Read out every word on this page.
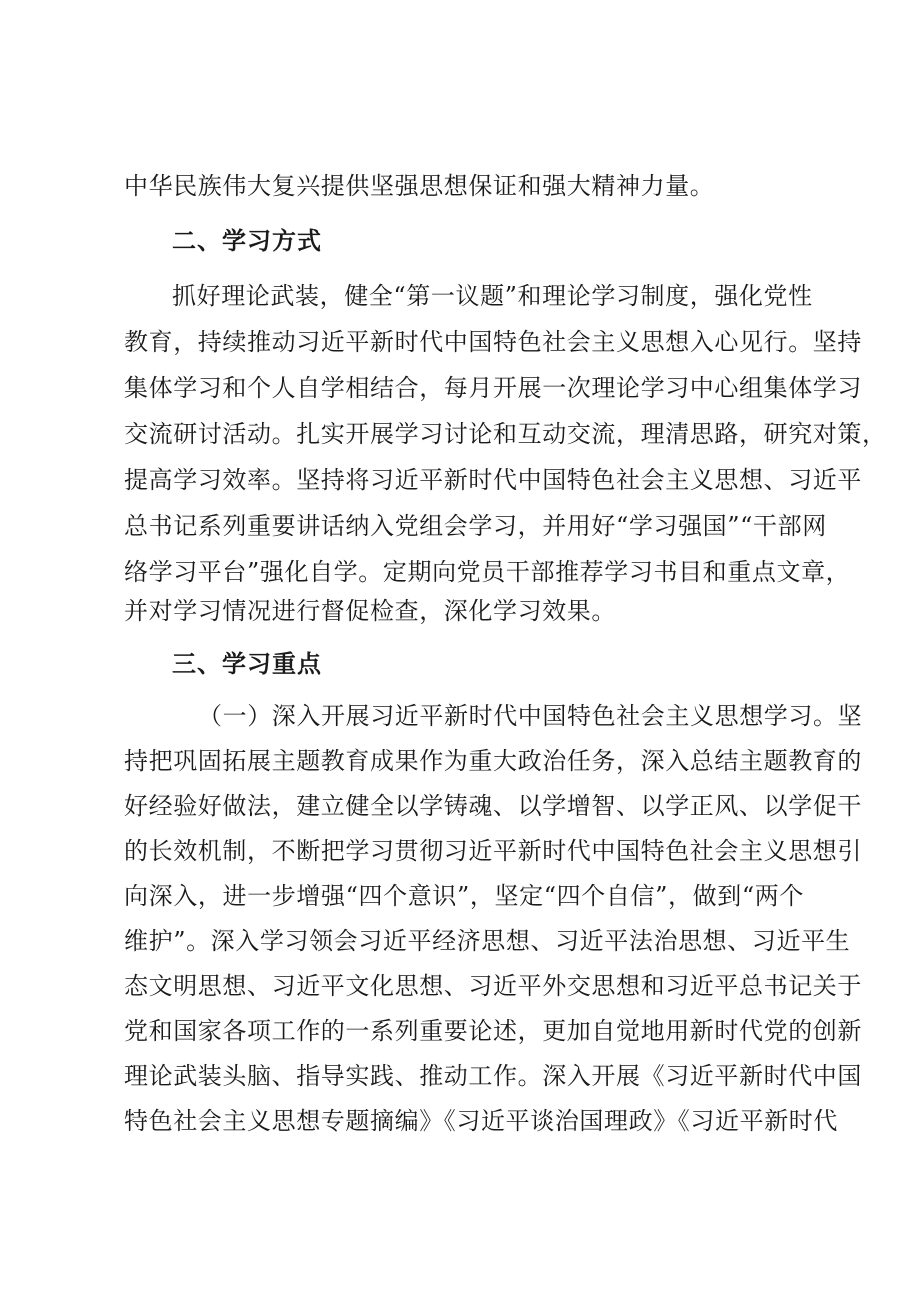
中华民族伟大复兴提供坚强思想保证和强大精神力量。
二、学习方式
抓好理论武装，健全“第一议题”和理论学习制度，强化党性
教育，持续推动习近平新时代中国特色社会主义思想入心见行。坚持
集体学习和个人自学相结合，每月开展一次理论学习中心组集体学习
交流研讨活动。扎实开展学习讨论和互动交流，理清思路，研究对策，
提高学习效率。坚持将习近平新时代中国特色社会主义思想、习近平
总书记系列重要讲话纳入党组会学习，并用好“学习强国”“干部网
络学习平台”强化自学。定期向党员干部推荐学习书目和重点文章，
并对学习情况进行督促检查，深化学习效果。
三、学习重点
（一）深入开展习近平新时代中国特色社会主义思想学习。坚
持把巩固拓展主题教育成果作为重大政治任务，深入总结主题教育的
好经验好做法，建立健全以学铸魂、以学增智、以学正风、以学促干
的长效机制，不断把学习贯彻习近平新时代中国特色社会主义思想引
向深入，进一步增强“四个意识”，坚定“四个自信”，做到“两个
维护”。深入学习领会习近平经济思想、习近平法治思想、习近平生
态文明思想、习近平文化思想、习近平外交思想和习近平总书记关于
党和国家各项工作的一系列重要论述，更加自觉地用新时代党的创新
理论武装头脑、指导实践、推动工作。深入开展《习近平新时代中国
特色社会主义思想专题摘编》《习近平谈治国理政》《习近平新时代
